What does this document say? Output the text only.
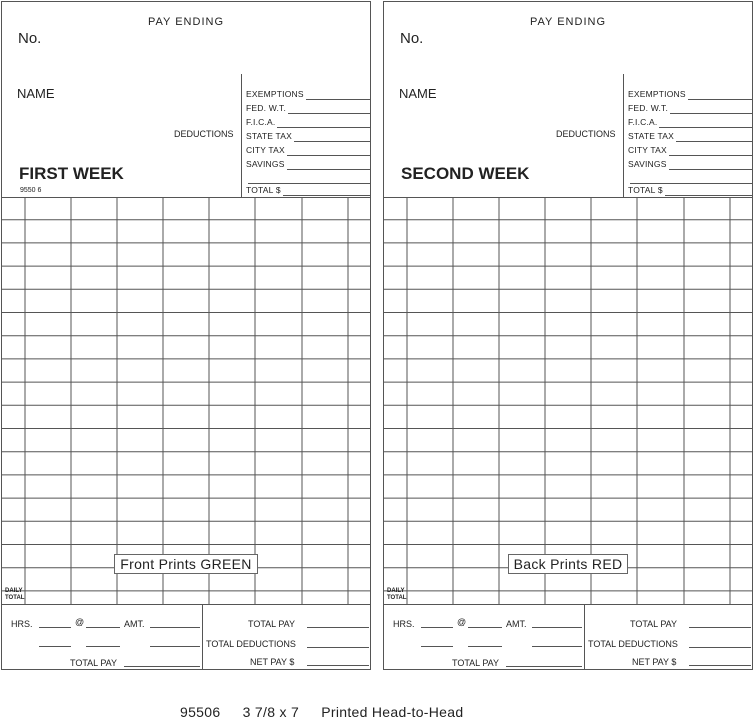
PAY ENDING
No.
NAME
DEDUCTIONS
FIRST WEEK
9550 6
EXEMPTIONS
FED. W.T.
F.I.C.A.
STATE TAX
CITY TAX
SAVINGS
TOTAL $
DAILY
TOTAL
Front Prints GREEN
HRS.	@	AMT.
TOTAL PAY
TOTAL PAY
TOTAL DEDUCTIONS
NET PAY $
PAY ENDING
No.
NAME
DEDUCTIONS
SECOND WEEK
EXEMPTIONS
FED. W.T.
F.I.C.A.
STATE TAX
CITY TAX
SAVINGS
TOTAL $
DAILY
TOTAL
Back Prints RED
HRS.	@	AMT.
TOTAL PAY
TOTAL PAY
TOTAL DEDUCTIONS
NET PAY $
95506 3 7/8 x 7 Printed Head-to-Head
